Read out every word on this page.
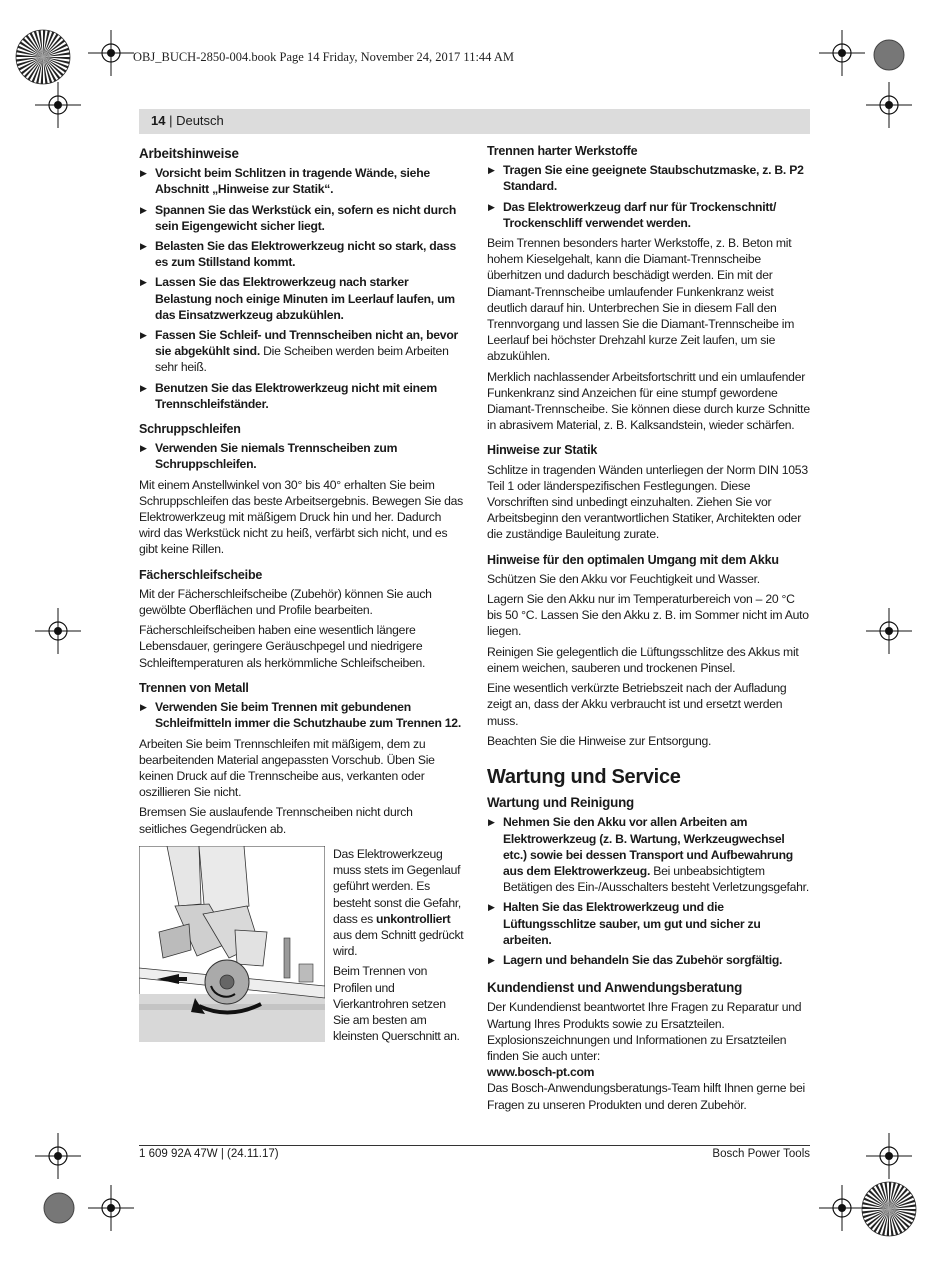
OBJ_BUCH-2850-004.book Page 14 Friday, November 24, 2017 11:44 AM
14 | Deutsch
Arbeitshinweise
▶ Vorsicht beim Schlitzen in tragende Wände, siehe Abschnitt „Hinweise zur Statik“.
▶ Spannen Sie das Werkstück ein, sofern es nicht durch sein Eigengewicht sicher liegt.
▶ Belasten Sie das Elektrowerkzeug nicht so stark, dass es zum Stillstand kommt.
▶ Lassen Sie das Elektrowerkzeug nach starker Belastung noch einige Minuten im Leerlauf laufen, um das Einsatzwerkzeug abzukühlen.
▶ Fassen Sie Schleif- und Trennscheiben nicht an, bevor sie abgekühlt sind. Die Scheiben werden beim Arbeiten sehr heiß.
▶ Benutzen Sie das Elektrowerkzeug nicht mit einem Trennschleifständer.
Schruppschleifen
▶ Verwenden Sie niemals Trennscheiben zum Schruppschleifen.

Mit einem Anstellwinkel von 30° bis 40° erhalten Sie beim Schruppschleifen das beste Arbeitsergebnis. Bewegen Sie das Elektrowerkzeug mit mäßigem Druck hin und her. Dadurch wird das Werkstück nicht zu heiß, verfärbt sich nicht, und es gibt keine Rillen.

Fächerschleifscheibe

Mit der Fächerschleifscheibe (Zubehör) können Sie auch gewölbte Oberflächen und Profile bearbeiten.

Fächerschleifscheiben haben eine wesentlich längere Lebensdauer, geringere Geräuschpegel und niedrigere Schleiftemperaturen als herkömmliche Schleifscheiben.

Trennen von Metall
▶ Verwenden Sie beim Trennen mit gebundenen Schleifmitteln immer die Schutzhaube zum Trennen 12.

Arbeiten Sie beim Trennschleifen mit mäßigem, dem zu bearbeitenden Material angepassten Vorschub. Üben Sie keinen Druck auf die Trennscheibe aus, verkanten oder oszillieren Sie nicht.

Bremsen Sie auslaufende Trennscheiben nicht durch seitliches Gegendrücken ab.

Das Elektrowerkzeug muss stets im Gegenlauf geführt werden. Es besteht sonst die Gefahr, dass es unkontrolliert aus dem Schnitt gedrückt wird.

Beim Trennen von Profilen und Vierkantrohren setzen Sie am besten am kleinsten Querschnitt an.

Trennen harter Werkstoffe
▶ Tragen Sie eine geeignete Staubschutzmaske, z. B. P2 Standard.
▶ Das Elektrowerkzeug darf nur für Trockenschnitt/ Trockenschliff verwendet werden.

Beim Trennen besonders harter Werkstoffe, z. B. Beton mit hohem Kieselgehalt, kann die Diamant-Trennscheibe überhitzen und dadurch beschädigt werden. Ein mit der Diamant-Trennscheibe umlaufender Funkenkranz weist deutlich darauf hin. Unterbrechen Sie in diesem Fall den Trennvorgang und lassen Sie die Diamant-Trennscheibe im Leerlauf bei höchster Drehzahl kurze Zeit laufen, um sie abzukühlen.

Merklich nachlassender Arbeitsfortschritt und ein umlaufender Funkenkranz sind Anzeichen für eine stumpf gewordene Diamant-Trennscheibe. Sie können diese durch kurze Schnitte in abrasivem Material, z. B. Kalksandstein, wieder schärfen.

Hinweise zur Statik

Schlitze in tragenden Wänden unterliegen der Norm DIN 1053 Teil 1 oder länderspezifischen Festlegungen. Diese Vorschriften sind unbedingt einzuhalten. Ziehen Sie vor Arbeitsbeginn den verantwortlichen Statiker, Architekten oder die zuständige Bauleitung zurate.

Hinweise für den optimalen Umgang mit dem Akku

Schützen Sie den Akku vor Feuchtigkeit und Wasser.

Lagern Sie den Akku nur im Temperaturbereich von – 20 °C bis 50 °C. Lassen Sie den Akku z. B. im Sommer nicht im Auto liegen.

Reinigen Sie gelegentlich die Lüftungsschlitze des Akkus mit einem weichen, sauberen und trockenen Pinsel.

Eine wesentlich verkürzte Betriebszeit nach der Aufladung zeigt an, dass der Akku verbraucht ist und ersetzt werden muss.

Beachten Sie die Hinweise zur Entsorgung.

Wartung und Service
Wartung und Reinigung
▶ Nehmen Sie den Akku vor allen Arbeiten am Elektrowerkzeug (z. B. Wartung, Werkzeugwechsel etc.) sowie bei dessen Transport und Aufbewahrung aus dem Elektrowerkzeug. Bei unbeabsichtigtem Betätigen des Ein-/Ausschalters besteht Verletzungsgefahr.
▶ Halten Sie das Elektrowerkzeug und die Lüftungsschlitze sauber, um gut und sicher zu arbeiten.
▶ Lagern und behandeln Sie das Zubehör sorgfältig.
Kundendienst und Anwendungsberatung

Der Kundendienst beantwortet Ihre Fragen zu Reparatur und Wartung Ihres Produkts sowie zu Ersatzteilen. Explosionszeichnungen und Informationen zu Ersatzteilen finden Sie auch unter:

www.bosch-pt.com

Das Bosch-Anwendungsberatungs-Team hilft Ihnen gerne bei Fragen zu unseren Produkten und deren Zubehör.

1 609 92A 47W | (24.11.17)	Bosch Power Tools
